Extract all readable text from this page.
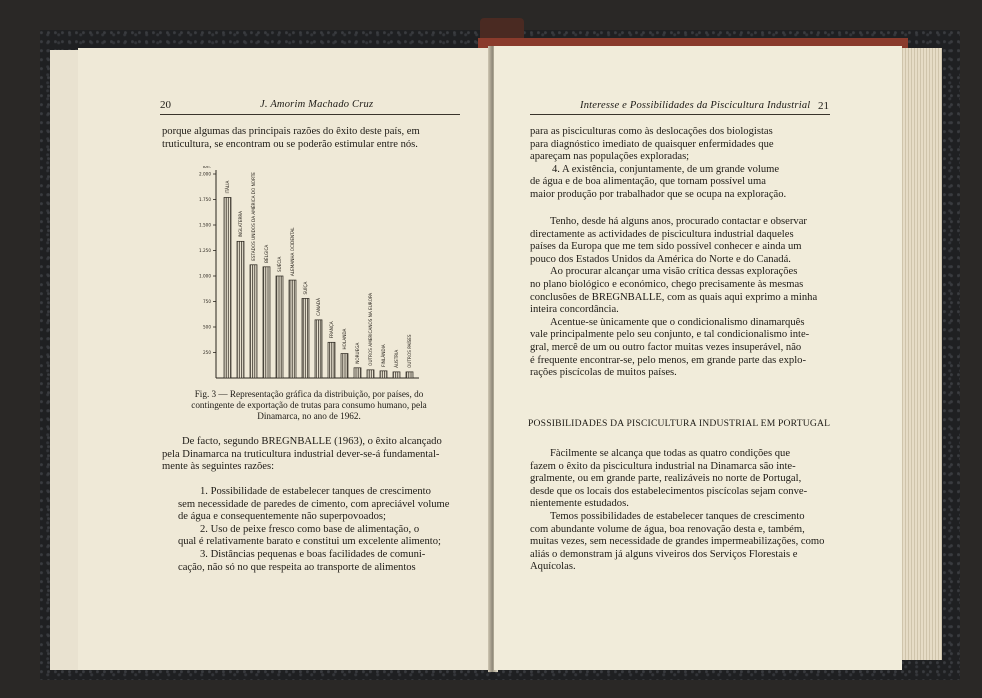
20	J. Amorim Machado Cruz
porque algumas das principais razões do êxito deste país, em
truticultura, se encontram ou se poderão estimular entre nós.
Ton.
2.000
1.750
1.500
1.250
1.000
750
500
250
ITÁLIA
INGLATERRA ESTADOS UNIDOS DA AMÉRICA DO NORTE BÉLGICA
SUÉCIA ALEMANHA OCIDENTAL
SUÍÇA
CANADÁ
FRANÇA HOLANDA
NORUEGA OUTROS AMERICANOS NA EUROPA FINLÂNDIA ÁUSTRIA OUTROS PAÍSES
Fig. 3 — Representação gráfica da distribuição, por países, do
contingente de exportação de trutas para consumo humano, pela
Dinamarca, no ano de 1962.
De facto, segundo BREGNBALLE (1963), o êxito alcançado
pela Dinamarca na truticultura industrial dever-se-á fundamental-
mente às seguintes razões:
1. Possibilidade de estabelecer tanques de crescimento
sem necessidade de paredes de cimento, com apreciável volume
de água e consequentemente não superpovoados;
2. Uso de peixe fresco como base de alimentação, o
qual é relativamente barato e constitui um excelente alimento;
3. Distâncias pequenas e boas facilidades de comuni-
cação, não só no que respeita ao transporte de alimentos
Interesse e Possibilidades da Piscicultura Industrial 21
para as pisciculturas como às deslocações dos biologistas
para diagnóstico imediato de quaisquer enfermidades que
apareçam nas populações exploradas;
4. A existência, conjuntamente, de um grande volume
de água e de boa alimentação, que tornam possível uma
maior produção por trabalhador que se ocupa na exploração.
Tenho, desde há alguns anos, procurado contactar e observar
directamente as actividades de piscicultura industrial daqueles
países da Europa que me tem sido possível conhecer e ainda um
pouco dos Estados Unidos da América do Norte e do Canadá.
Ao procurar alcançar uma visão crítica dessas explorações
no plano biológico e económico, chego precisamente às mesmas
conclusões de BREGNBALLE, com as quais aqui exprimo a minha
inteira concordância.
Acentue-se ùnicamente que o condicionalismo dinamarquês
vale principalmente pelo seu conjunto, e tal condicionalismo inte-
gral, mercê de um ou outro factor muitas vezes insuperável, não
é frequente encontrar-se, pelo menos, em grande parte das explo-
rações piscícolas de muitos países.
POSSIBILIDADES DA PISCICULTURA INDUSTRIAL EM PORTUGAL
Fàcilmente se alcança que todas as quatro condições que
fazem o êxito da piscicultura industrial na Dinamarca são inte-
gralmente, ou em grande parte, realizáveis no norte de Portugal,
desde que os locais dos estabelecimentos piscícolas sejam conve-
nientemente estudados.
Temos possibilidades de estabelecer tanques de crescimento
com abundante volume de água, boa renovação desta e, também,
muitas vezes, sem necessidade de grandes impermeabilizações, como
aliás o demonstram já alguns viveiros dos Serviços Florestais e
Aquícolas.
